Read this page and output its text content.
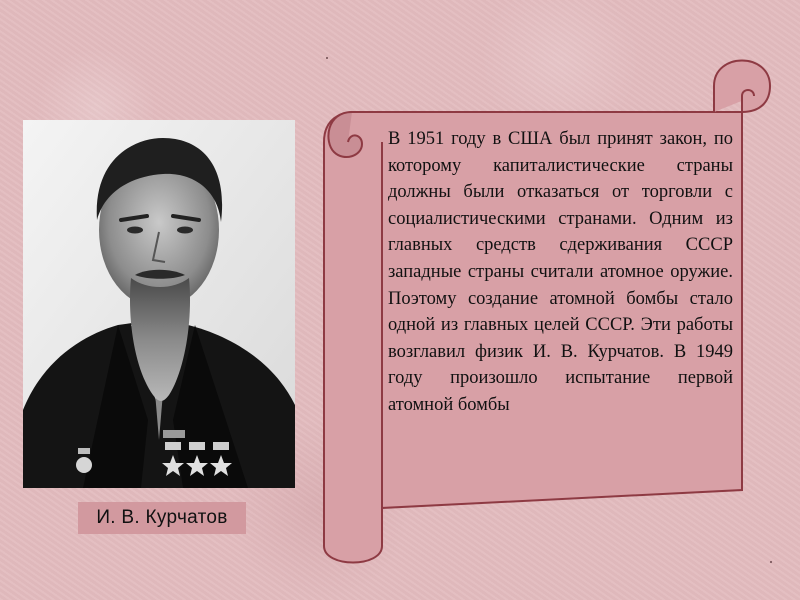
И. В. Курчатов
В 1951 году в США был принят закон, по которому капиталистические страны должны были отказаться от торговли с социалистическими странами. Одним из главных средств сдерживания СССР западные страны считали атомное оружие. Поэтому создание атомной бомбы стало одной из главных целей СССР. Эти работы возглавил физик И. В. Курчатов. В 1949 году произошло испытание первой атомной бомбы
